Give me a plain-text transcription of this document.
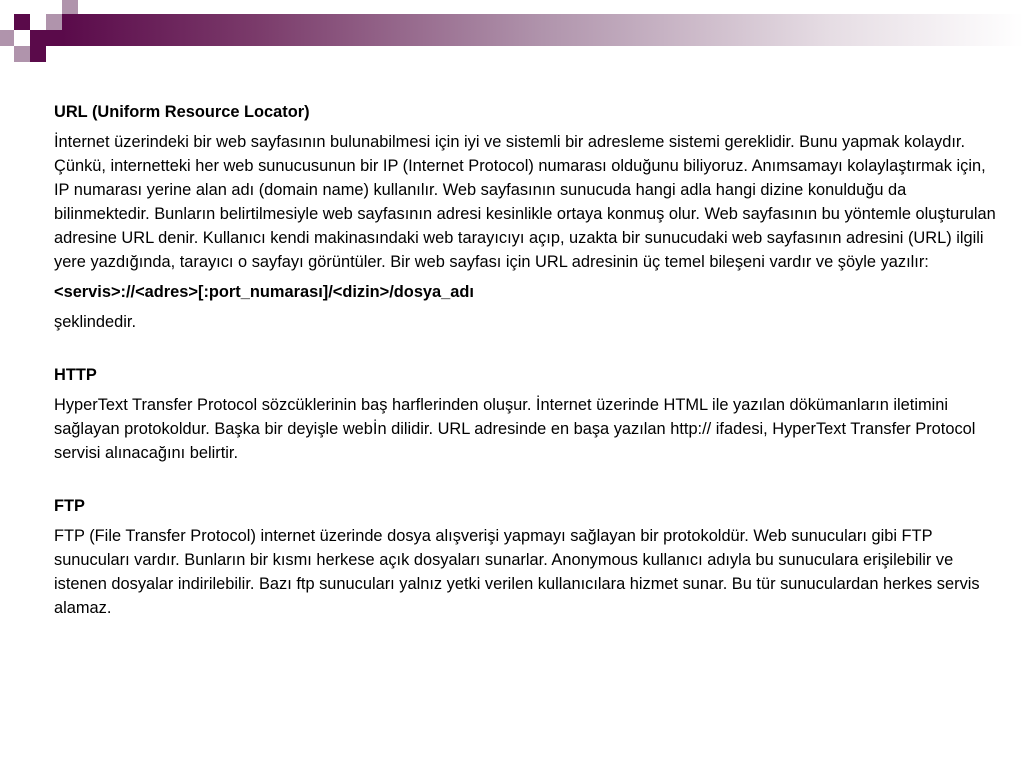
URL (Uniform Resource Locator)

İnternet üzerindeki bir web sayfasının bulunabilmesi için iyi ve sistemli bir adresleme sistemi gereklidir. Bunu yapmak kolaydır. Çünkü, internetteki her web sunucusunun bir IP (Internet Protocol) numarası olduğunu biliyoruz. Anımsamayı kolaylaştırmak için, IP numarası yerine alan adı (domain name) kullanılır. Web sayfasının sunucuda hangi adla hangi dizine konulduğu da bilinmektedir. Bunların belirtilmesiyle web sayfasının adresi kesinlikle ortaya konmuş olur. Web sayfasının bu yöntemle oluşturulan adresine URL denir. Kullanıcı kendi makinasındaki web tarayıcıyı açıp, uzakta bir sunucudaki web sayfasının adresini (URL) ilgili yere yazdığında, tarayıcı o sayfayı görüntüler. Bir web sayfası için URL adresinin üç temel bileşeni vardır ve şöyle yazılır:

<servis>://<adres>[:port_numarası]/<dizin>/dosya_adı

şeklindedir.

HTTP

HyperText Transfer Protocol sözcüklerinin baş harflerinden oluşur. İnternet üzerinde HTML ile yazılan dökümanların iletimini sağlayan protokoldur. Başka bir deyişle webİn dilidir. URL adresinde en başa yazılan http:// ifadesi, HyperText Transfer Protocol servisi alınacağını belirtir.

FTP

FTP (File Transfer Protocol) internet üzerinde dosya alışverişi yapmayı sağlayan bir protokoldür. Web sunucuları gibi FTP sunucuları vardır. Bunların bir kısmı herkese açık dosyaları sunarlar. Anonymous kullanıcı adıyla bu sunuculara erişilebilir ve istenen dosyalar indirilebilir. Bazı ftp sunucuları yalnız yetki verilen kullanıcılara hizmet sunar. Bu tür sunuculardan herkes servis alamaz.
